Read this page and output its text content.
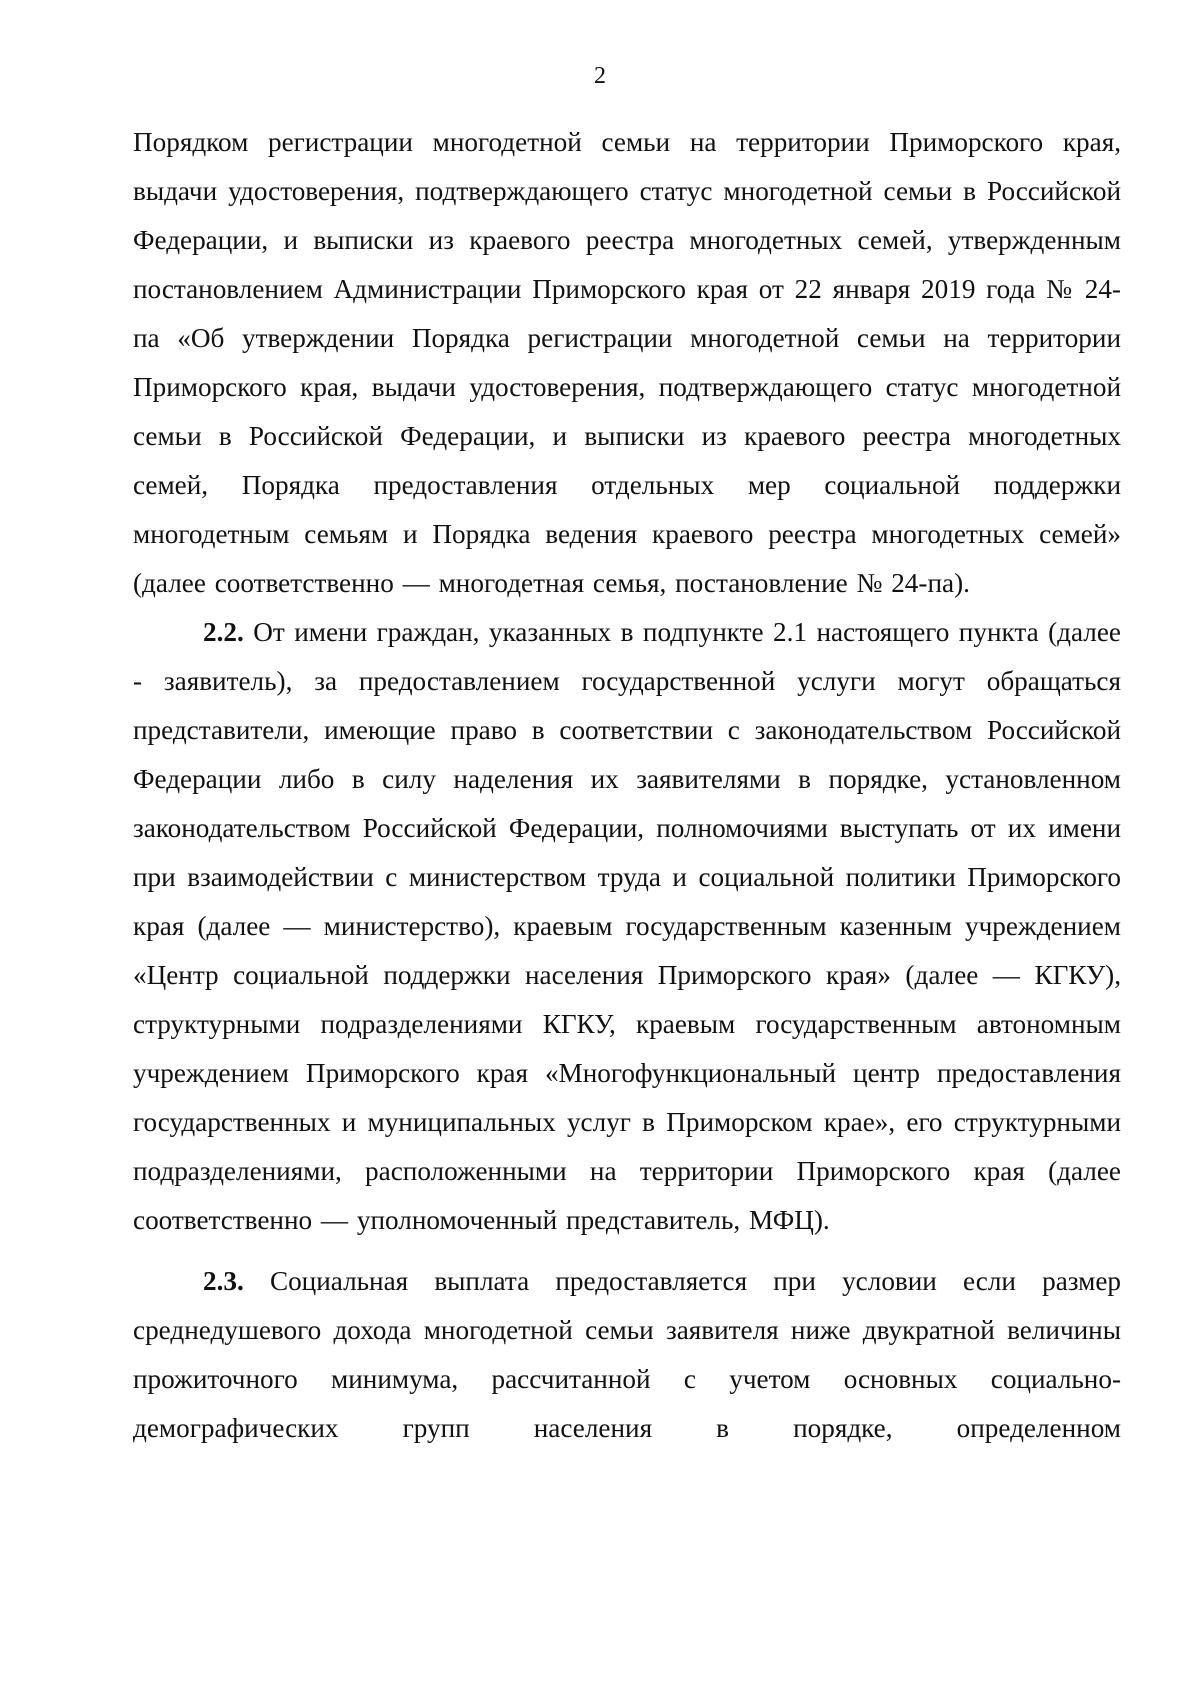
2

Порядком регистрации многодетной семьи на территории Приморского края, выдачи удостоверения, подтверждающего статус многодетной семьи в Российской Федерации, и выписки из краевого реестра многодетных семей, утвержденным постановлением Администрации Приморского края от 22 января 2019 года № 24-па «Об утверждении Порядка регистрации многодетной семьи на территории Приморского края, выдачи удостоверения, подтверждающего статус многодетной семьи в Российской Федерации, и выписки из краевого реестра многодетных семей, Порядка предоставления отдельных мер социальной поддержки многодетным семьям и Порядка ведения краевого реестра многодетных семей» (далее соответственно — многодетная семья, постановление № 24-па).

2.2. От имени граждан, указанных в подпункте 2.1 настоящего пункта (далее - заявитель), за предоставлением государственной услуги могут обращаться представители, имеющие право в соответствии с законодательством Российской Федерации либо в силу наделения их заявителями в порядке, установленном законодательством Российской Федерации, полномочиями выступать от их имени при взаимодействии с министерством труда и социальной политики Приморского края (далее — министерство), краевым государственным казенным учреждением «Центр социальной поддержки населения Приморского края» (далее — КГКУ), структурными подразделениями КГКУ, краевым государственным автономным учреждением Приморского края «Многофункциональный центр предоставления государственных и муниципальных услуг в Приморском крае», его структурными подразделениями, расположенными на территории Приморского края (далее соответственно — уполномоченный представитель, МФЦ).

2.3. Социальная выплата предоставляется при условии если размер среднедушевого дохода многодетной семьи заявителя ниже двукратной величины прожиточного минимума, рассчитанной с учетом основных социально-демографических групп населения в порядке, определенном
